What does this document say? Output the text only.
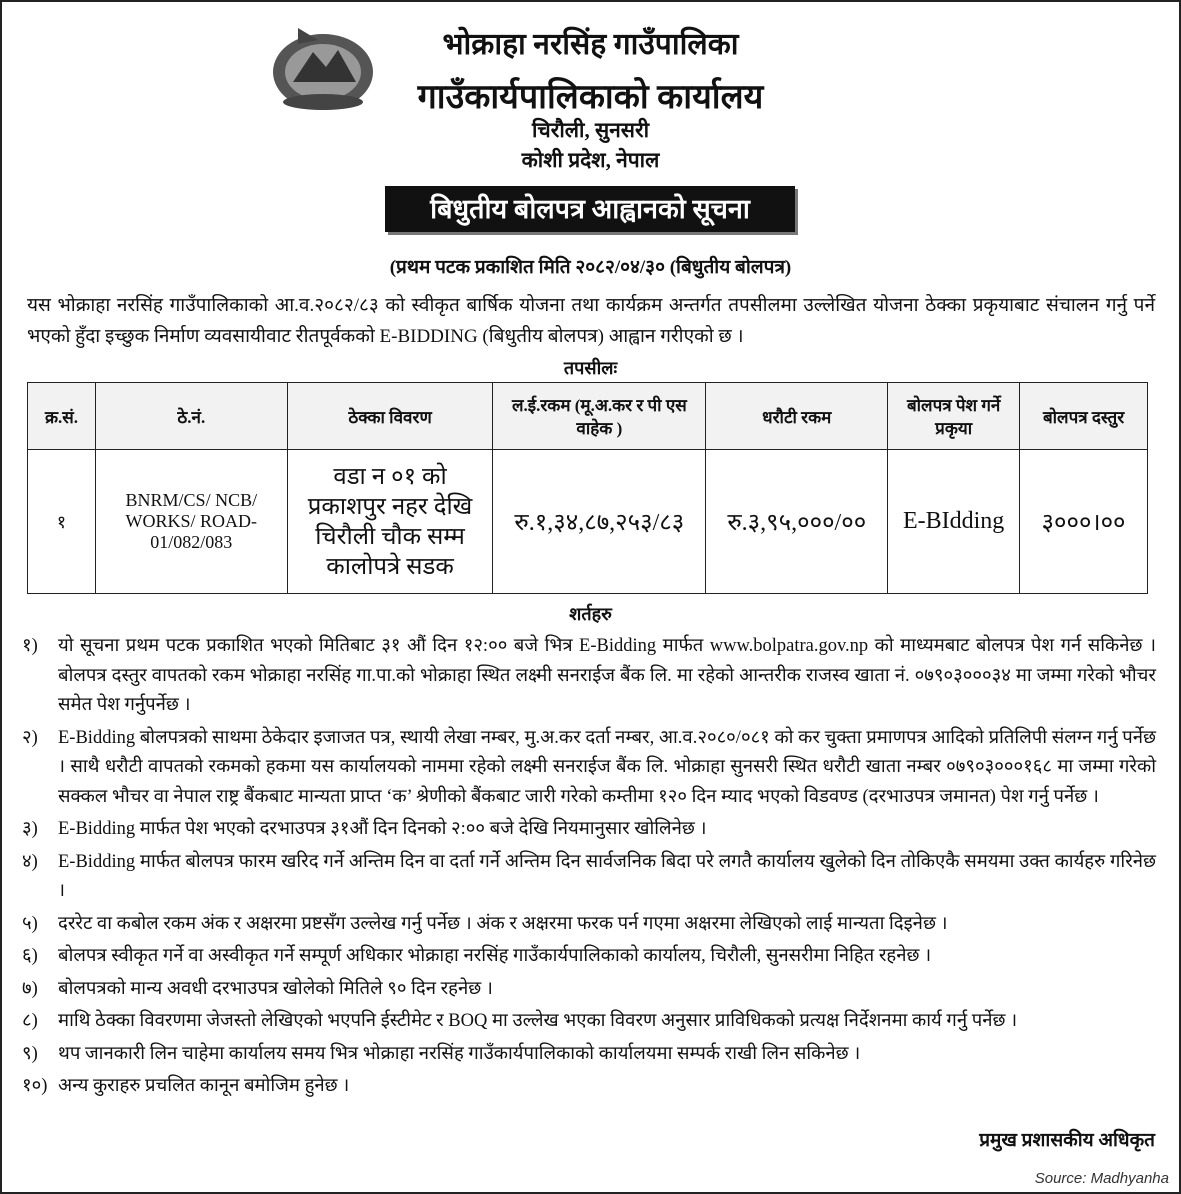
भोक्राहा नरसिंह गाउँपालिका
गाउँकार्यपालिकाको कार्यालय
चिरौली, सुनसरी
कोशी प्रदेश, नेपाल
बिधुतीय बोलपत्र आह्वानको सूचना
(प्रथम पटक प्रकाशित मिति २०८२/०४/३० (बिधुतीय बोलपत्र)
यस भोक्राहा नरसिंह गाउँपालिकाको आ.व.२०८२/८३ को स्वीकृत बार्षिक योजना तथा कार्यक्रम अन्तर्गत तपसीलमा उल्लेखित योजना ठेक्का प्रकृयाबाट संचालन गर्नु पर्ने भएको हुँदा इच्छुक निर्माण व्यवसायीवाट रीतपूर्वकको E-BIDDING (बिधुतीय बोलपत्र) आह्वान गरीएको छ ।
तपसीलः
क्र.सं.	ठे.नं.	ठेक्का विवरण	ल.ई.रकम (मू.अ.कर र पी एस वाहेक )	धरौटी रकम	बोलपत्र पेश गर्ने प्रकृया	बोलपत्र दस्तुर
१	BNRM/CS/ NCB/ WORKS/ ROAD-01/082/083	वडा न ०१ को प्रकाशपुर नहर देखि चिरौली चौक सम्म कालोपत्रे सडक	रु.१,३४,८७,२५३/८३	रु.३,९५,०००/००	E-BIdding	३०००।००
शर्तहरु
१)	यो सूचना प्रथम पटक प्रकाशित भएको मितिबाट ३१ औं दिन १२:०० बजे भित्र E-Bidding मार्फत www.bolpatra.gov.np को माध्यमबाट बोलपत्र पेश गर्न सकिनेछ । बोलपत्र दस्तुर वापतको रकम भोक्राहा नरसिंह गा.पा.को भोक्राहा स्थित लक्ष्मी सनराईज बैंक लि. मा रहेको आन्तरीक राजस्व खाता नं. ०७९०३०००३४ मा जम्मा गरेको भौचर समेत पेश गर्नुपर्नेछ ।
२)	E-Bidding बोलपत्रको साथमा ठेकेदार इजाजत पत्र, स्थायी लेखा नम्बर, मु.अ.कर दर्ता नम्बर, आ.व.२०८०/०८१ को कर चुक्ता प्रमाणपत्र आदिको प्रतिलिपी संलग्न गर्नु पर्नेछ । साथै धरौटी वापतको रकमको हकमा यस कार्यालयको नाममा रहेको लक्ष्मी सनराईज बैंक लि. भोक्राहा सुनसरी स्थित धरौटी खाता नम्बर ०७९०३०००१६८ मा जम्मा गरेको सक्कल भौचर वा नेपाल राष्ट्र बैंकबाट मान्यता प्राप्त ‘क’ श्रेणीको बैंकबाट जारी गरेको कम्तीमा १२० दिन म्याद भएको विडवण्ड (दरभाउपत्र जमानत) पेश गर्नु पर्नेछ ।
३)	E-Bidding मार्फत पेश भएको दरभाउपत्र ३१औं दिन दिनको २:०० बजे देखि नियमानुसार खोलिनेछ ।
४)	E-Bidding मार्फत बोलपत्र फारम खरिद गर्ने अन्तिम दिन वा दर्ता गर्ने अन्तिम दिन सार्वजनिक बिदा परे लगतै कार्यालय खुलेको दिन तोकिएकै समयमा उक्त कार्यहरु गरिनेछ ।
५)	दररेट वा कबोल रकम अंक र अक्षरमा प्रष्टसँग उल्लेख गर्नु पर्नेछ । अंक र अक्षरमा फरक पर्न गएमा अक्षरमा लेखिएको लाई मान्यता दिइनेछ ।
६)	बोलपत्र स्वीकृत गर्ने वा अस्वीकृत गर्ने सम्पूर्ण अधिकार भोक्राहा नरसिंह गाउँकार्यपालिकाको कार्यालय, चिरौली, सुनसरीमा निहित रहनेछ ।
७)	बोलपत्रको मान्य अवधी दरभाउपत्र खोलेको मितिले ९० दिन रहनेछ ।
८)	माथि ठेक्का विवरणमा जेजस्तो लेखिएको भएपनि ईस्टीमेट र BOQ मा उल्लेख भएका विवरण अनुसार प्राविधिकको प्रत्यक्ष निर्देशनमा कार्य गर्नु पर्नेछ ।
९)	थप जानकारी लिन चाहेमा कार्यालय समय भित्र भोक्राहा नरसिंह गाउँकार्यपालिकाको कार्यालयमा सम्पर्क राखी लिन सकिनेछ ।
१०) अन्य कुराहरु प्रचलित कानून बमोजिम हुनेछ ।
प्रमुख प्रशासकीय अधिकृत
Source: Madhyanha
